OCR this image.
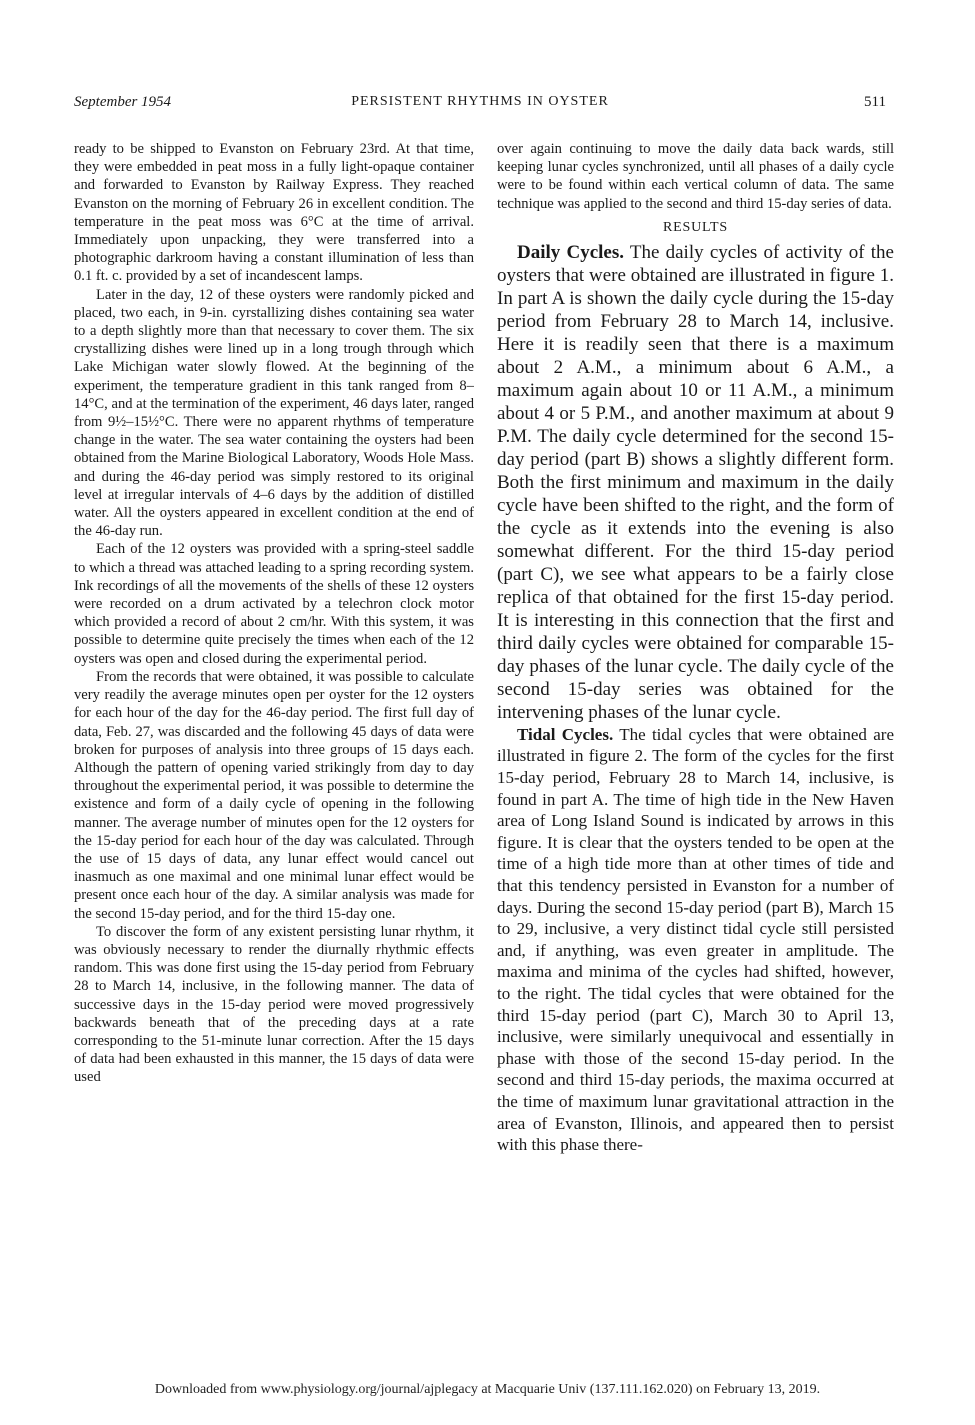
September 1954	PERSISTENT RHYTHMS IN OYSTER	511

ready to be shipped to Evanston on February 23rd. At that time, they were embedded in peat moss in a fully light-opaque container and forwarded to Evanston by Railway Express. They reached Evanston on the morning of February 26 in excellent condition. The temperature in the peat moss was 6°C at the time of arrival. Immediately upon unpacking, they were transferred into a photographic darkroom having a constant illumination of less than 0.1 ft. c. provided by a set of incandescent lamps.

Later in the day, 12 of these oysters were randomly picked and placed, two each, in 9-in. cyrstallizing dishes containing sea water to a depth slightly more than that necessary to cover them. The six crystallizing dishes were lined up in a long trough through which Lake Michigan water slowly flowed. At the beginning of the experiment, the temperature gradient in this tank ranged from 8–14°C, and at the termination of the experiment, 46 days later, ranged from 9½–15½°C. There were no apparent rhythms of temperature change in the water. The sea water containing the oysters had been obtained from the Marine Biological Laboratory, Woods Hole Mass. and during the 46-day period was simply restored to its original level at irregular intervals of 4–6 days by the addition of distilled water. All the oysters appeared in excellent condition at the end of the 46-day run.

Each of the 12 oysters was provided with a spring-steel saddle to which a thread was attached leading to a spring recording system. Ink recordings of all the movements of the shells of these 12 oysters were recorded on a drum activated by a telechron clock motor which provided a record of about 2 cm/hr. With this system, it was possible to determine quite precisely the times when each of the 12 oysters was open and closed during the experimental period.

From the records that were obtained, it was possible to calculate very readily the average minutes open per oyster for the 12 oysters for each hour of the day for the 46-day period. The first full day of data, Feb. 27, was discarded and the following 45 days of data were broken for purposes of analysis into three groups of 15 days each. Although the pattern of opening varied strikingly from day to day throughout the experimental period, it was possible to determine the existence and form of a daily cycle of opening in the following manner. The average number of minutes open for the 12 oysters for the 15-day period for each hour of the day was calculated. Through the use of 15 days of data, any lunar effect would cancel out inasmuch as one maximal and one minimal lunar effect would be present once each hour of the day. A similar analysis was made for the second 15-day period, and for the third 15-day one.

To discover the form of any existent persisting lunar rhythm, it was obviously necessary to render the diurnally rhythmic effects random. This was done first using the 15-day period from February 28 to March 14, inclusive, in the following manner. The data of successive days in the 15-day period were moved progressively backwards beneath that of the preceding days at a rate corresponding to the 51-minute lunar correction. After the 15 days of data had been exhausted in this manner, the 15 days of data were used

over again continuing to move the daily data back wards, still keeping lunar cycles synchronized, until all phases of a daily cycle were to be found within each vertical column of data. The same technique was applied to the second and third 15-day series of data.

RESULTS

Daily Cycles. The daily cycles of activity of the oysters that were obtained are illustrated in figure 1. In part A is shown the daily cycle during the 15-day period from February 28 to March 14, inclusive. Here it is readily seen that there is a maximum about 2 A.M., a minimum about 6 A.M., a maximum again about 10 or 11 A.M., a minimum about 4 or 5 P.M., and another maximum at about 9 P.M. The daily cycle determined for the second 15-day period (part B) shows a slightly different form. Both the first minimum and maximum in the daily cycle have been shifted to the right, and the form of the cycle as it extends into the evening is also somewhat different. For the third 15-day period (part C), we see what appears to be a fairly close replica of that obtained for the first 15-day period. It is interesting in this connection that the first and third daily cycles were obtained for comparable 15-day phases of the lunar cycle. The daily cycle of the second 15-day series was obtained for the intervening phases of the lunar cycle.

Tidal Cycles. The tidal cycles that were obtained are illustrated in figure 2. The form of the cycles for the first 15-day period, February 28 to March 14, inclusive, is found in part A. The time of high tide in the New Haven area of Long Island Sound is indicated by arrows in this figure. It is clear that the oysters tended to be open at the time of a high tide more than at other times of tide and that this tendency persisted in Evanston for a number of days. During the second 15-day period (part B), March 15 to 29, inclusive, a very distinct tidal cycle still persisted and, if anything, was even greater in amplitude. The maxima and minima of the cycles had shifted, however, to the right. The tidal cycles that were obtained for the third 15-day period (part C), March 30 to April 13, inclusive, were similarly unequivocal and essentially in phase with those of the second 15-day period. In the second and third 15-day periods, the maxima occurred at the time of maximum lunar gravitational attraction in the area of Evanston, Illinois, and appeared then to persist with this phase there-

Downloaded from www.physiology.org/journal/ajplegacy at Macquarie Univ (137.111.162.020) on February 13, 2019.
